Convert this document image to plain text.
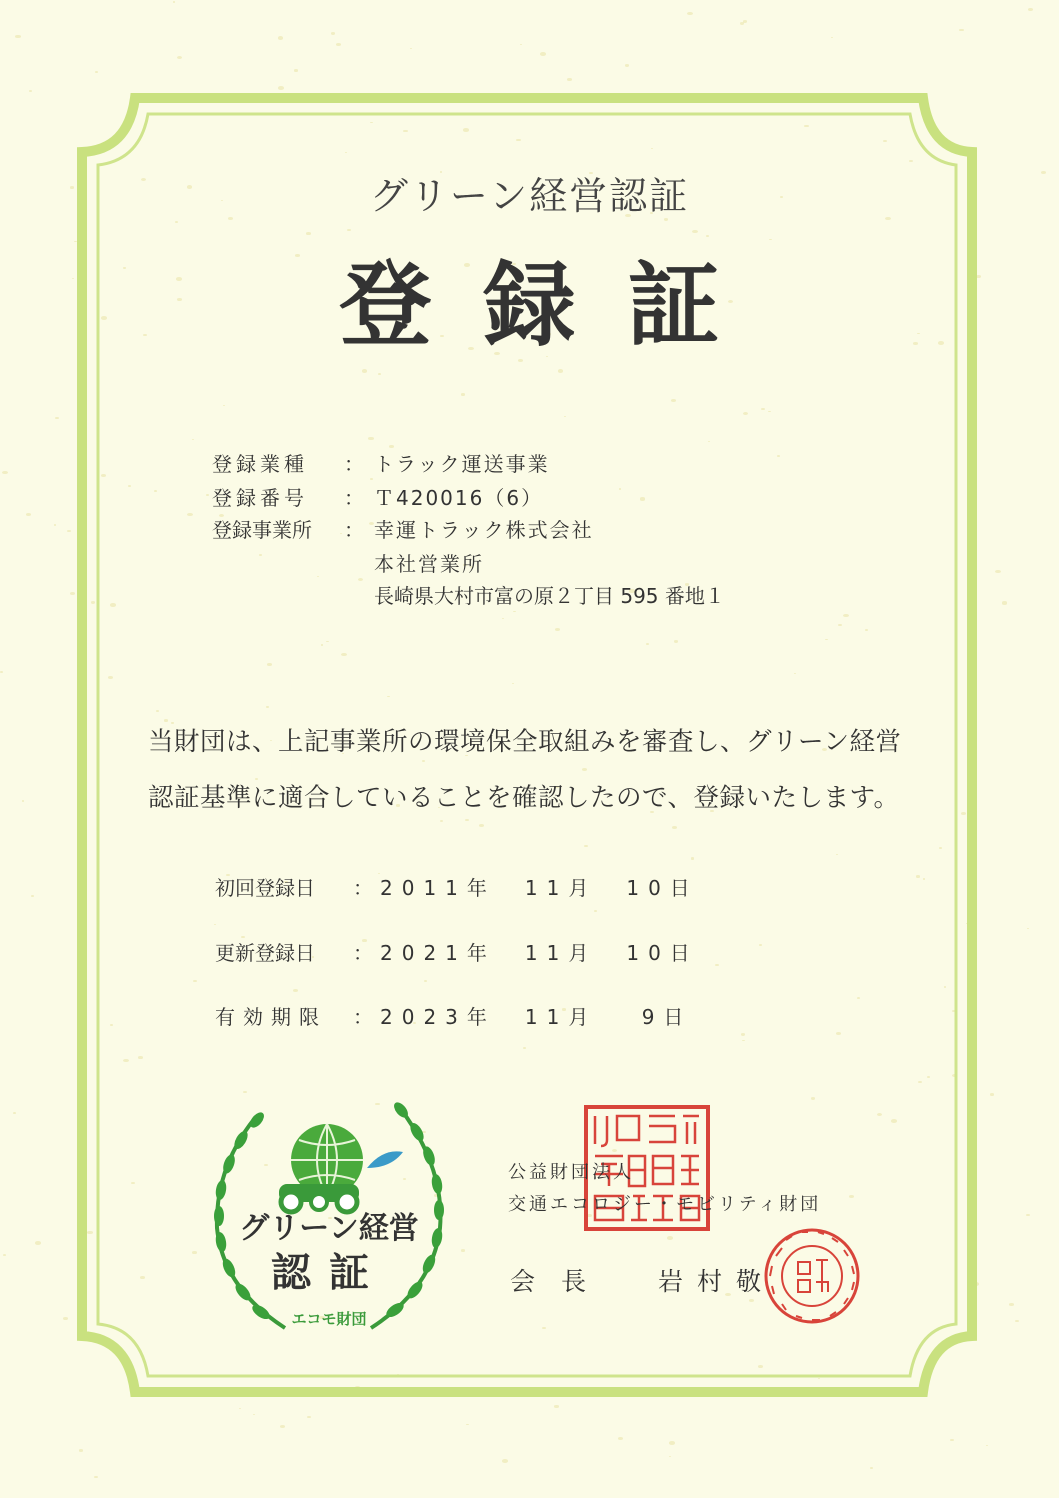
グリーン経営認証
登録証
登録業種	： トラック運送事業
登録番号	： Ｔ420016（6）
登録事業所	： 幸運トラック株式会社
本社営業所
長崎県大村市富の原２丁目 595 番地１
当財団は、上記事業所の環境保全取組みを審査し、グリーン経営
認証基準に適合していることを確認したので、登録いたします。
初回登録日	： 2011年　11月　10日
更新登録日	： 2021年　11月　10日
有効期限 ： 2023年　11月　 9日
グリーン経営
認証
エコモ財団
公益財団法人
交通エコロジー・モビリティ財団
会長 岩村敬
